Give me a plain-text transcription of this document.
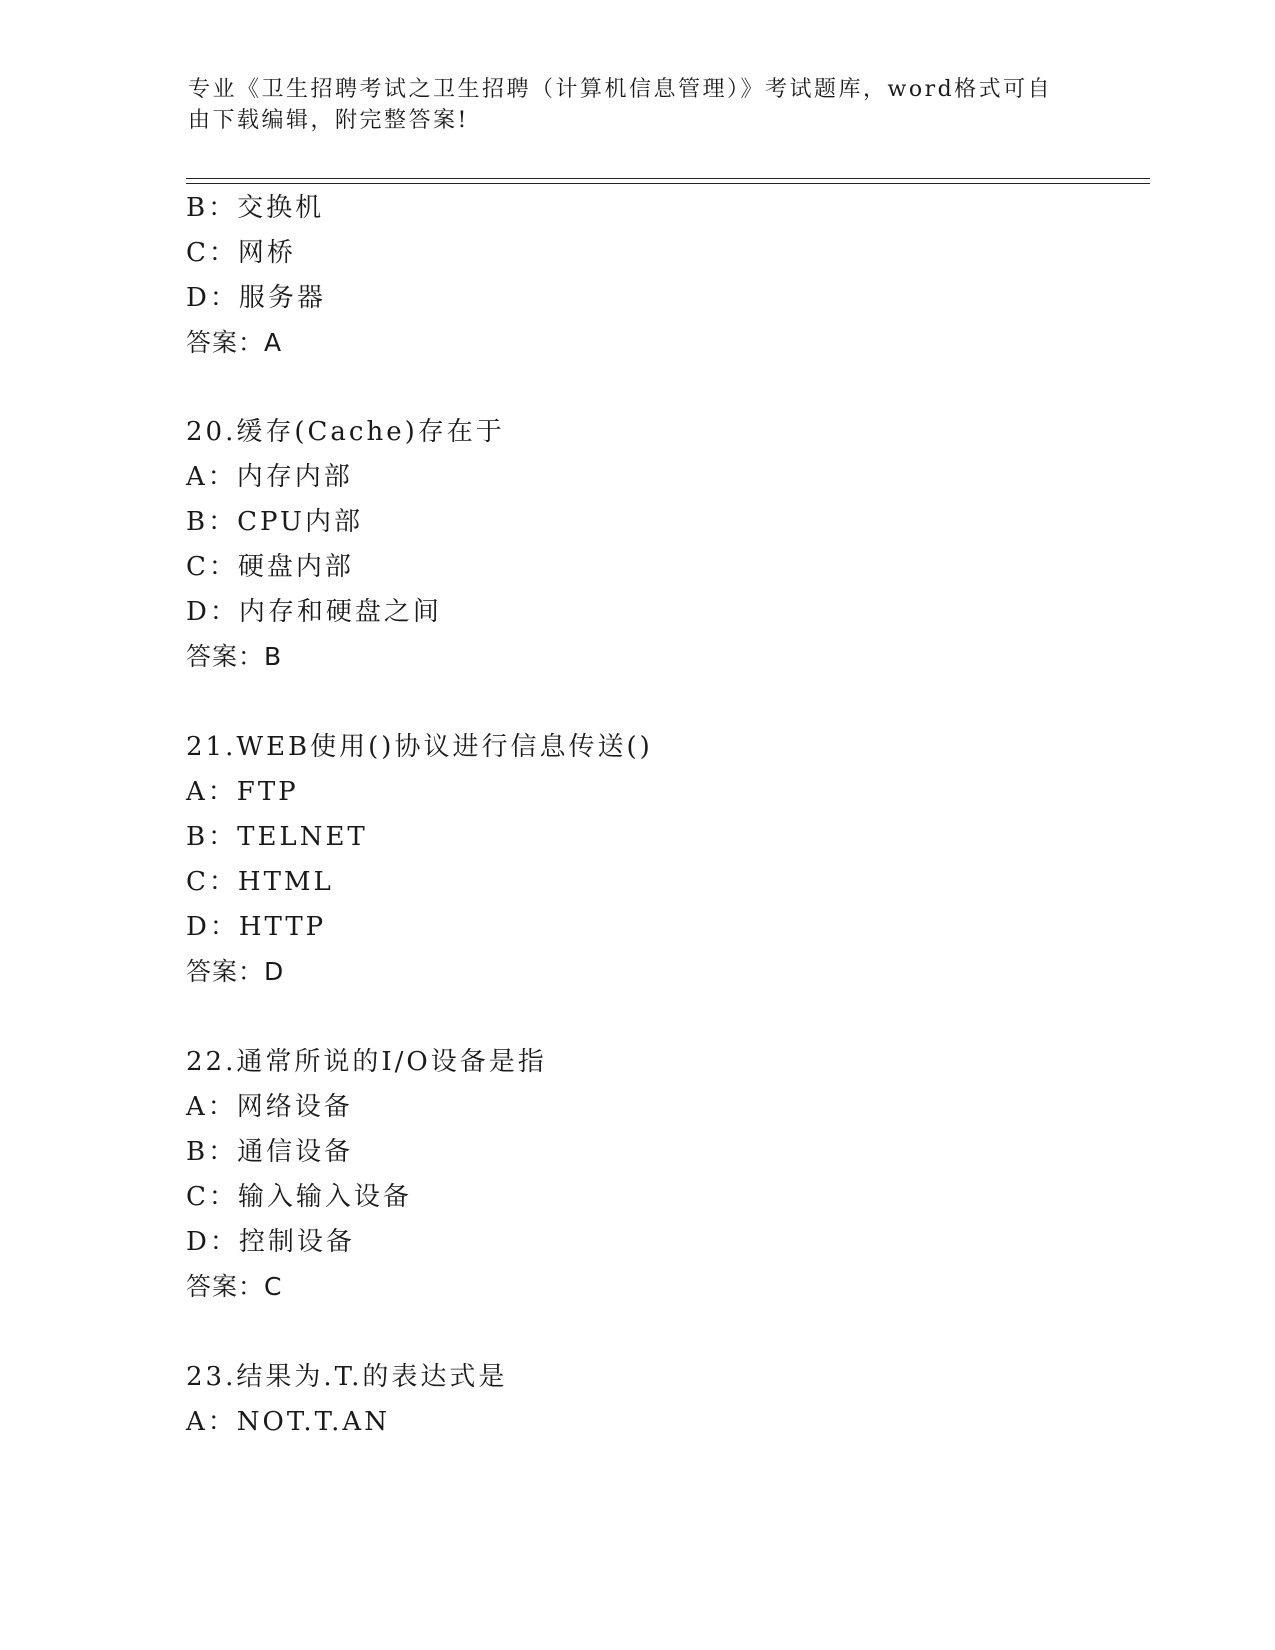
专业《卫生招聘考试之卫生招聘（计算机信息管理）》考试题库，word格式可自
由下载编辑，附完整答案!
B：交换机
C：网桥
D：服务器
答案：A
20.缓存(Cache)存在于
A：内存内部
B：CPU内部
C：硬盘内部
D：内存和硬盘之间
答案：B
21.WEB使用()协议进行信息传送()
A：FTP
B：TELNET
C：HTML
D：HTTP
答案：D
22.通常所说的I/O设备是指
A：网络设备
B：通信设备
C：输入输入设备
D：控制设备
答案：C
23.结果为.T.的表达式是
A：NOT.T.AN
